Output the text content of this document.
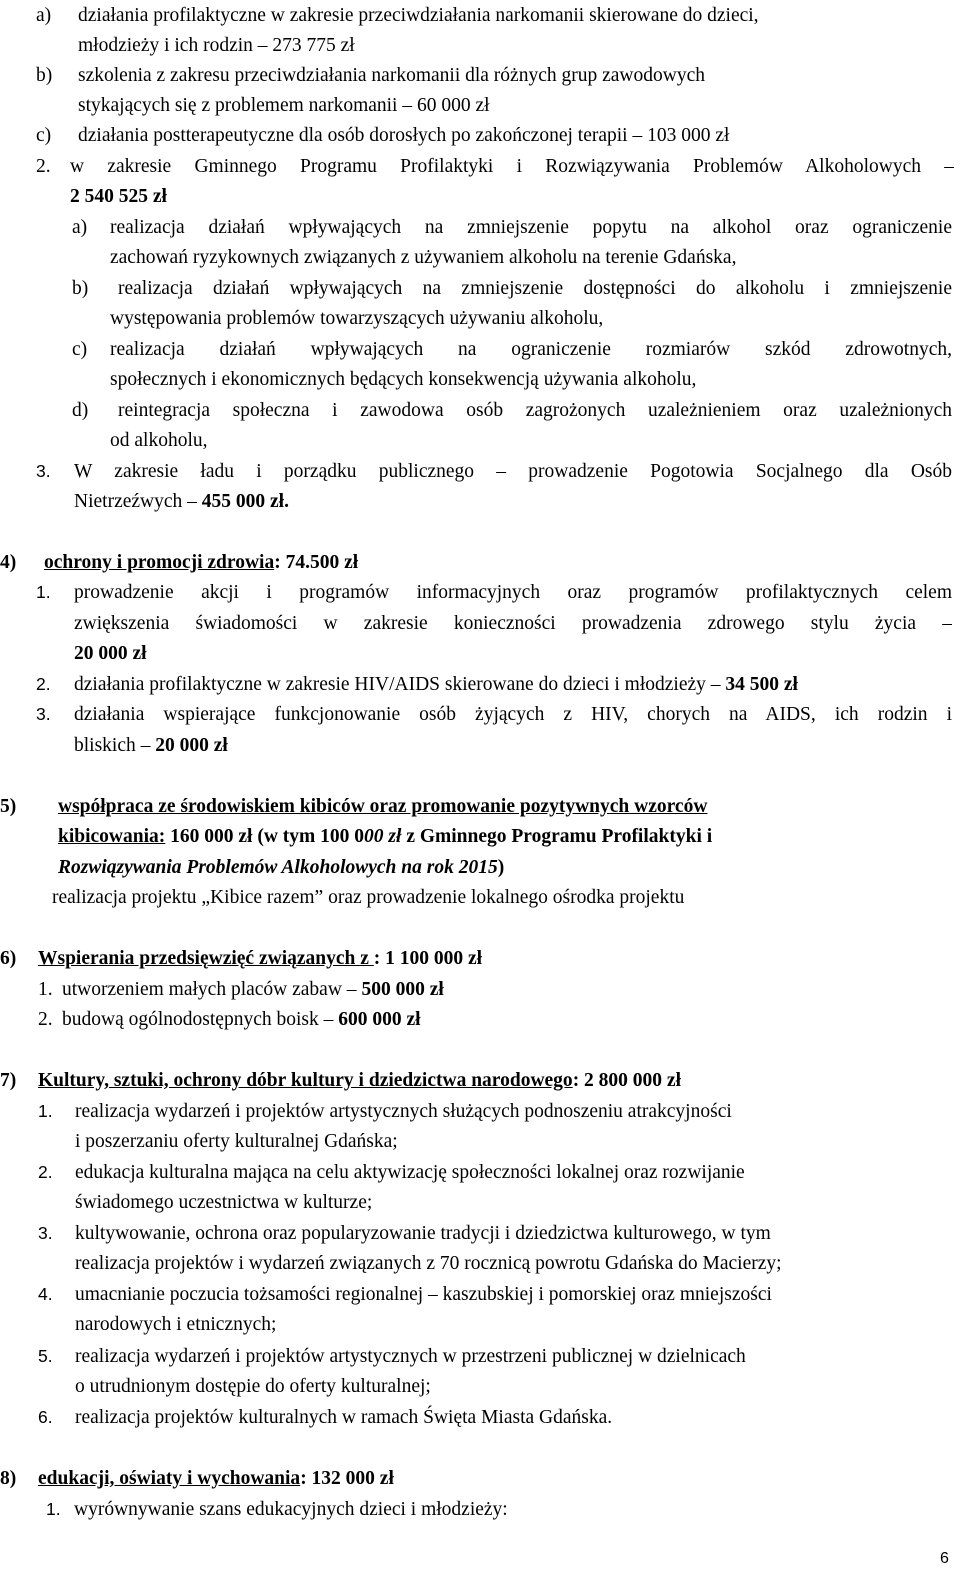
a) działania profilaktyczne w zakresie przeciwdziałania narkomanii skierowane do dzieci,
młodzieży i ich rodzin – 273 775 zł
b) szkolenia z zakresu przeciwdziałania narkomanii dla różnych grup zawodowych
stykających się z problemem narkomanii – 60 000 zł
c) działania postterapeutyczne dla osób dorosłych po zakończonej terapii – 103 000 zł
2. w zakresie Gminnego Programu Profilaktyki i Rozwiązywania Problemów Alkoholowych –
2 540 525 zł
a) realizacja działań wpływających na zmniejszenie popytu na alkohol oraz ograniczenie
zachowań ryzykownych związanych z używaniem alkoholu na terenie Gdańska,
b) realizacja działań wpływających na zmniejszenie dostępności do alkoholu i zmniejszenie
występowania problemów towarzyszących używaniu alkoholu,
c) realizacja działań wpływających na ograniczenie rozmiarów szkód zdrowotnych,
społecznych i ekonomicznych będących konsekwencją używania alkoholu,
d) reintegracja społeczna i zawodowa osób zagrożonych uzależnieniem oraz uzależnionych
od alkoholu,
3. W zakresie ładu i porządku publicznego – prowadzenie Pogotowia Socjalnego dla Osób
Nietrzeźwych – 455 000 zł.
4) ochrony i promocji zdrowia: 74.500 zł
1. prowadzenie akcji i programów informacyjnych oraz programów profilaktycznych celem
zwiększenia świadomości w zakresie konieczności prowadzenia zdrowego stylu życia –
20 000 zł
2. działania profilaktyczne w zakresie HIV/AIDS skierowane do dzieci i młodzieży – 34 500 zł
3. działania wspierające funkcjonowanie osób żyjących z HIV, chorych na AIDS, ich rodzin i
bliskich – 20 000 zł
5) współpraca ze środowiskiem kibiców oraz promowanie pozytywnych wzorców
kibicowania: 160 000 zł (w tym 100 000 zł z Gminnego Programu Profilaktyki i
Rozwiązywania Problemów Alkoholowych na rok 2015)
realizacja projektu „Kibice razem” oraz prowadzenie lokalnego ośrodka projektu
6) Wspierania przedsięwzięć związanych z : 1 100 000 zł
1. utworzeniem małych placów zabaw – 500 000 zł
2. budową ogólnodostępnych boisk – 600 000 zł
7) Kultury, sztuki, ochrony dóbr kultury i dziedzictwa narodowego: 2 800 000 zł
1. realizacja wydarzeń i projektów artystycznych służących podnoszeniu atrakcyjności
i poszerzaniu oferty kulturalnej Gdańska;
2. edukacja kulturalna mająca na celu aktywizację społeczności lokalnej oraz rozwijanie
świadomego uczestnictwa w kulturze;
3. kultywowanie, ochrona oraz popularyzowanie tradycji i dziedzictwa kulturowego, w tym
realizacja projektów i wydarzeń związanych z 70 rocznicą powrotu Gdańska do Macierzy;
4. umacnianie poczucia tożsamości regionalnej – kaszubskiej i pomorskiej oraz mniejszości
narodowych i etnicznych;
5. realizacja wydarzeń i projektów artystycznych w przestrzeni publicznej w dzielnicach
o utrudnionym dostępie do oferty kulturalnej;
6. realizacja projektów kulturalnych w ramach Święta Miasta Gdańska.
8) edukacji, oświaty i wychowania: 132 000 zł
1. wyrównywanie szans edukacyjnych dzieci i młodzieży:
6
